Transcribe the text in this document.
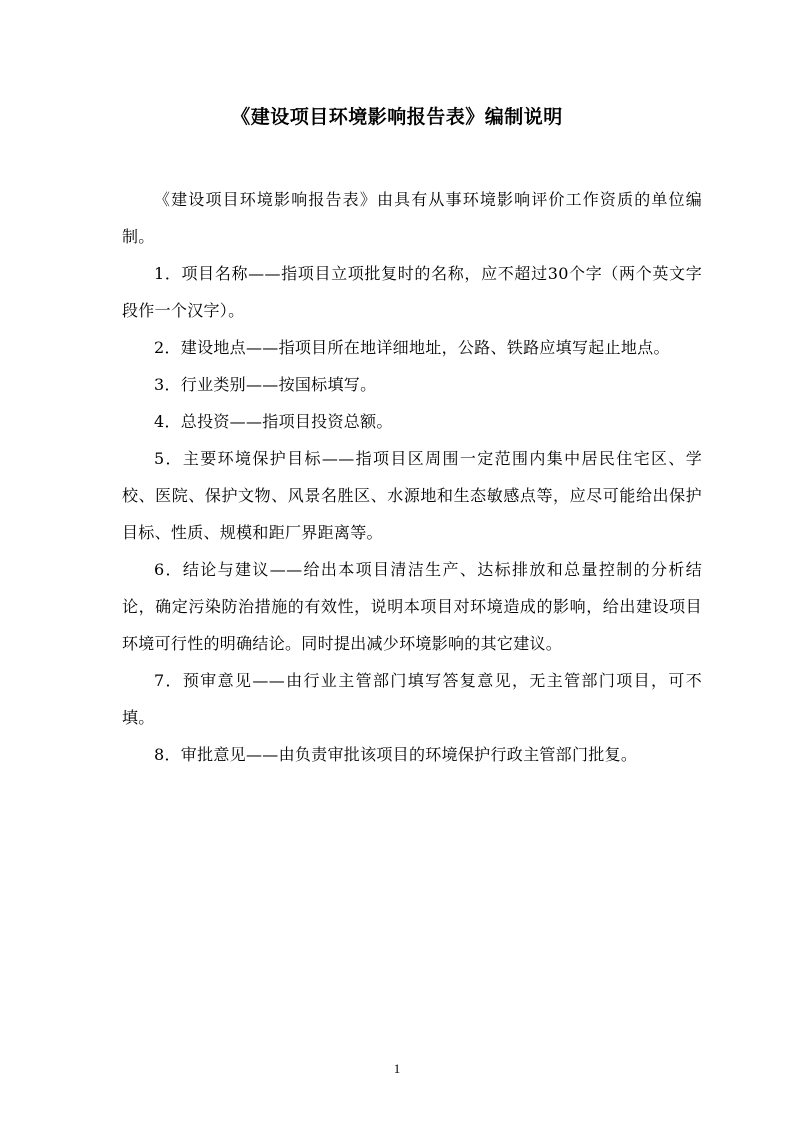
《建设项目环境影响报告表》编制说明

《建设项目环境影响报告表》由具有从事环境影响评价工作资质的单位编制。

1．项目名称——指项目立项批复时的名称，应不超过30个字（两个英文字段作一个汉字）。

2．建设地点——指项目所在地详细地址，公路、铁路应填写起止地点。

3．行业类别——按国标填写。

4．总投资——指项目投资总额。

5．主要环境保护目标——指项目区周围一定范围内集中居民住宅区、学校、医院、保护文物、风景名胜区、水源地和生态敏感点等，应尽可能给出保护目标、性质、规模和距厂界距离等。

6．结论与建议——给出本项目清洁生产、达标排放和总量控制的分析结论，确定污染防治措施的有效性，说明本项目对环境造成的影响，给出建设项目环境可行性的明确结论。同时提出减少环境影响的其它建议。

7．预审意见——由行业主管部门填写答复意见，无主管部门项目，可不填。

8．审批意见——由负责审批该项目的环境保护行政主管部门批复。

1
